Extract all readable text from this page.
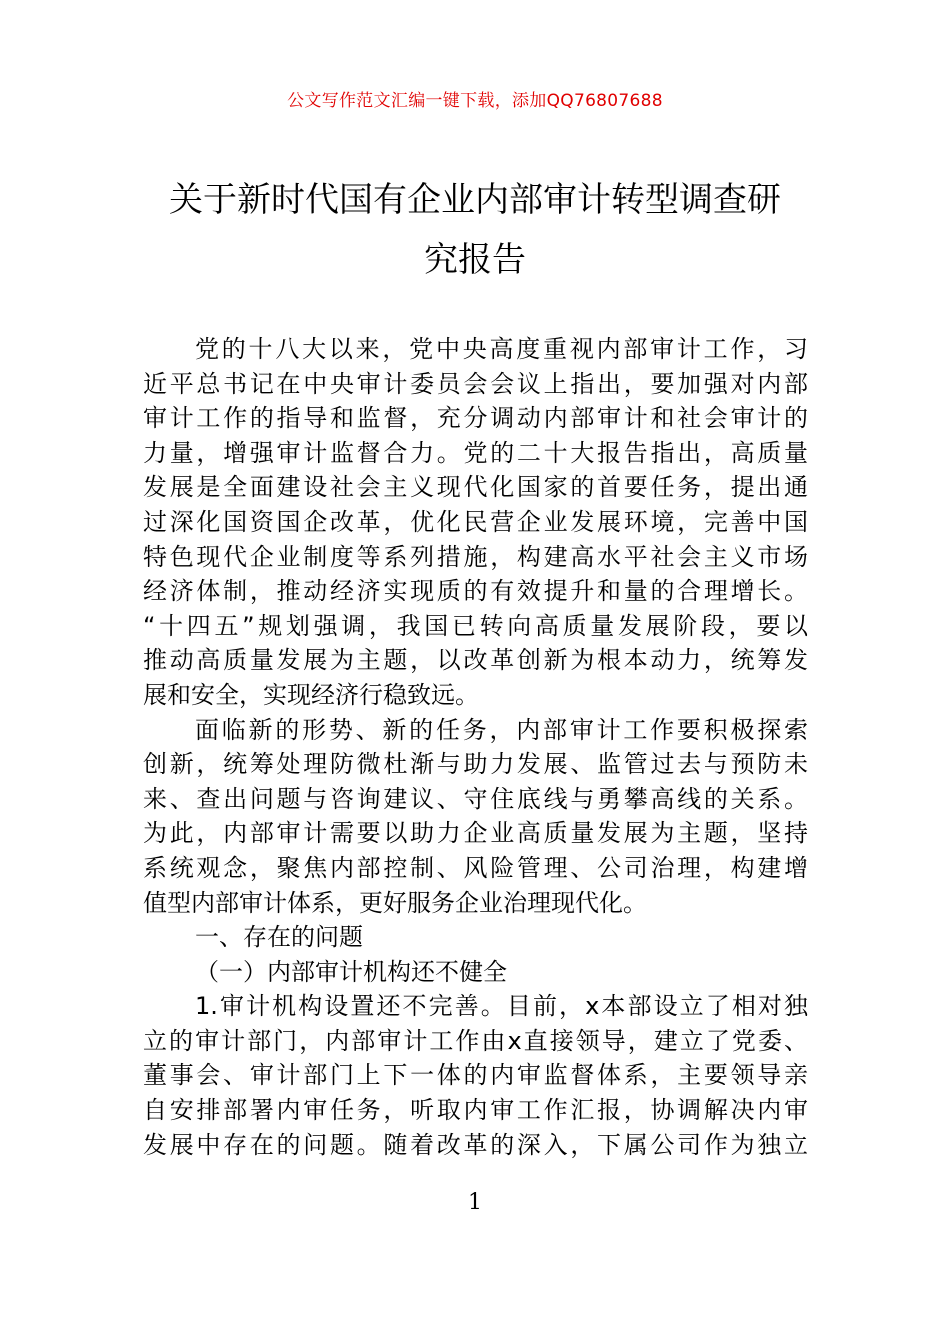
公文写作范文汇编一键下载，添加QQ76807688
关于新时代国有企业内部审计转型调查研
究报告
党的十八大以来，党中央高度重视内部审计工作，习
近平总书记在中央审计委员会会议上指出，要加强对内部
审计工作的指导和监督，充分调动内部审计和社会审计的
力量，增强审计监督合力。党的二十大报告指出，高质量
发展是全面建设社会主义现代化国家的首要任务，提出通
过深化国资国企改革，优化民营企业发展环境，完善中国
特色现代企业制度等系列措施，构建高水平社会主义市场
经济体制，推动经济实现质的有效提升和量的合理增长。
“十四五”规划强调，我国已转向高质量发展阶段，要以
推动高质量发展为主题，以改革创新为根本动力，统筹发
展和安全，实现经济行稳致远。
面临新的形势、新的任务，内部审计工作要积极探索
创新，统筹处理防微杜渐与助力发展、监管过去与预防未
来、查出问题与咨询建议、守住底线与勇攀高线的关系。
为此，内部审计需要以助力企业高质量发展为主题，坚持
系统观念，聚焦内部控制、风险管理、公司治理，构建增
值型内部审计体系，更好服务企业治理现代化。
一、存在的问题
（一）内部审计机构还不健全
1.审计机构设置还不完善。目前，x本部设立了相对独
立的审计部门，内部审计工作由x直接领导，建立了党委、
董事会、审计部门上下一体的内审监督体系，主要领导亲
自安排部署内审任务，听取内审工作汇报，协调解决内审
发展中存在的问题。随着改革的深入，下属公司作为独立
1
